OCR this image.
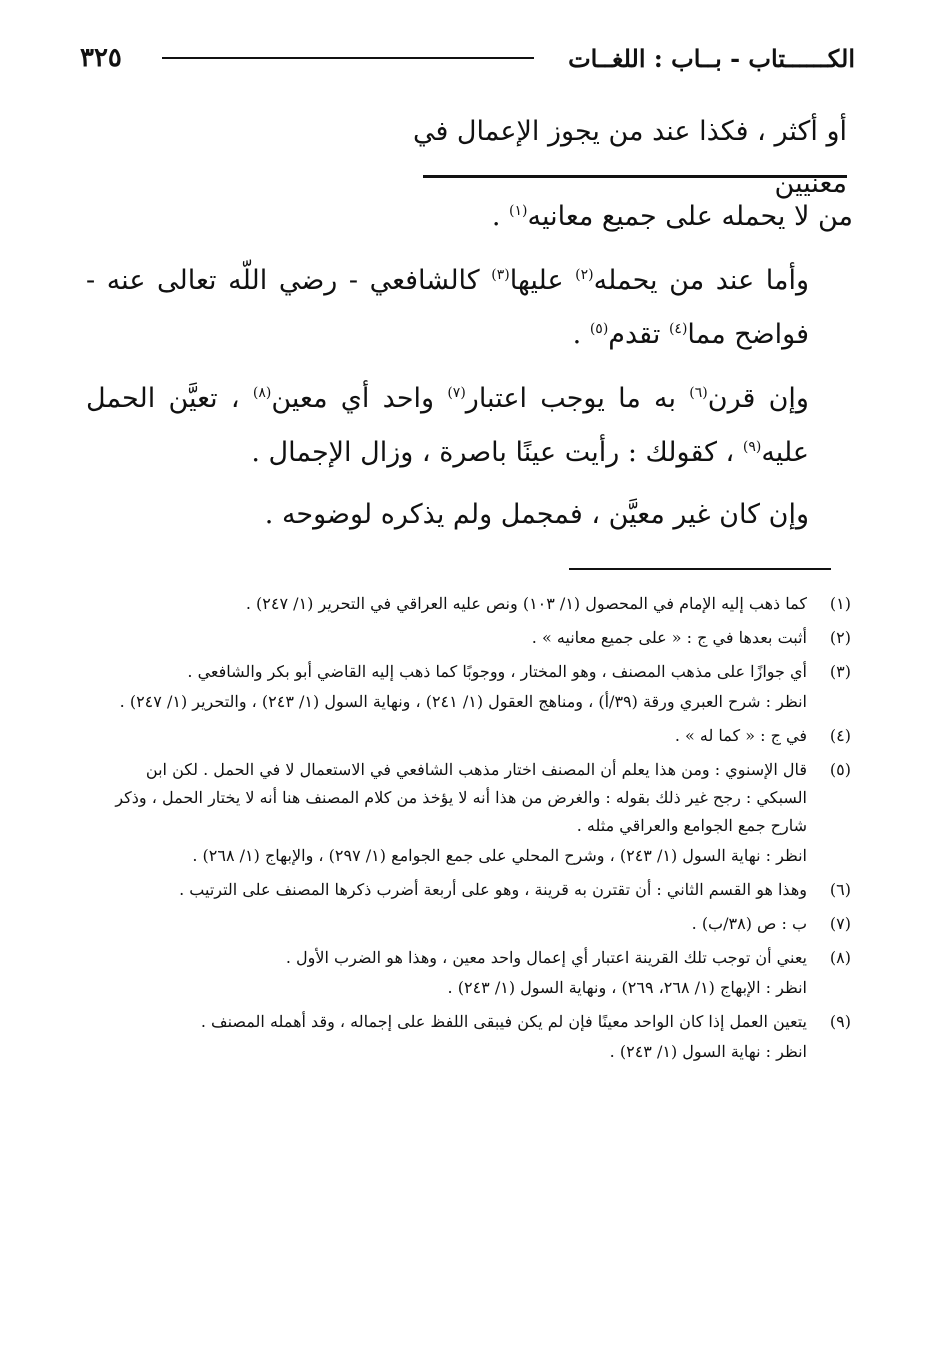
الكــــــتاب - بــاب : اللغــات
٣٢٥
أو أكثر ، فكذا عند من يجوز الإعمال في معنيين

من لا يحمله على جميع معانيه$^{(١)}$ .

وأما عند من يحمله$^{(٢)}$ عليها$^{(٣)}$ كالشافعي - رضي اللّه تعالى عنه - فواضح مما$^{(٤)}$ تقدم$^{(٥)}$ .

وإن قرن$^{(٦)}$ به ما يوجب اعتبار$^{(٧)}$ واحد أي معين$^{(٨)}$ ، تعيَّن الحمل عليه$^{(٩)}$ ، كقولك : رأيت عينًا باصرة ، وزال الإجمال .

وإن كان غير معيَّن ، فمجمل ولم يذكره لوضوحه .

(١)
كما ذهب إليه الإمام في المحصول (١/ ١٠٣) ونص عليه العراقي في التحرير (١/ ٢٤٧) .
(٢)
أثبت بعدها في ج : « على جميع معانيه » .
(٣)
أي جوازًا على مذهب المصنف ، وهو المختار ، ووجوبًا كما ذهب إليه القاضي أبو بكر والشافعي .
انظر : شرح العبري ورقة (٣٩/أ) ، ومناهج العقول (١/ ٢٤١) ، ونهاية السول (١/ ٢٤٣) ، والتحرير (١/ ٢٤٧) .
(٤)
في ج : « كما له » .
(٥)
قال الإسنوي : ومن هذا يعلم أن المصنف اختار مذهب الشافعي في الاستعمال لا في الحمل . لكن ابن السبكي : رجح غير ذلك بقوله : والغرض من هذا أنه لا يؤخذ من كلام المصنف هنا أنه لا يختار الحمل ، وذكر شارح جمع الجوامع والعراقي مثله .
انظر : نهاية السول (١/ ٢٤٣) ، وشرح المحلي على جمع الجوامع (١/ ٢٩٧) ، والإبهاج (١/ ٢٦٨) .
(٦)
وهذا هو القسم الثاني : أن تقترن به قرينة ، وهو على أربعة أضرب ذكرها المصنف على الترتيب .
(٧)
ب : ص (٣٨/ب) .
(٨)
يعني أن توجب تلك القرينة اعتبار أي إعمال واحد معين ، وهذا هو الضرب الأول .
انظر : الإبهاج (١/ ٢٦٨، ٢٦٩) ، ونهاية السول (١/ ٢٤٣) .
(٩)
يتعين العمل إذا كان الواحد معينًا فإن لم يكن فيبقى اللفظ على إجماله ، وقد أهمله المصنف .
انظر : نهاية السول (١/ ٢٤٣) .
